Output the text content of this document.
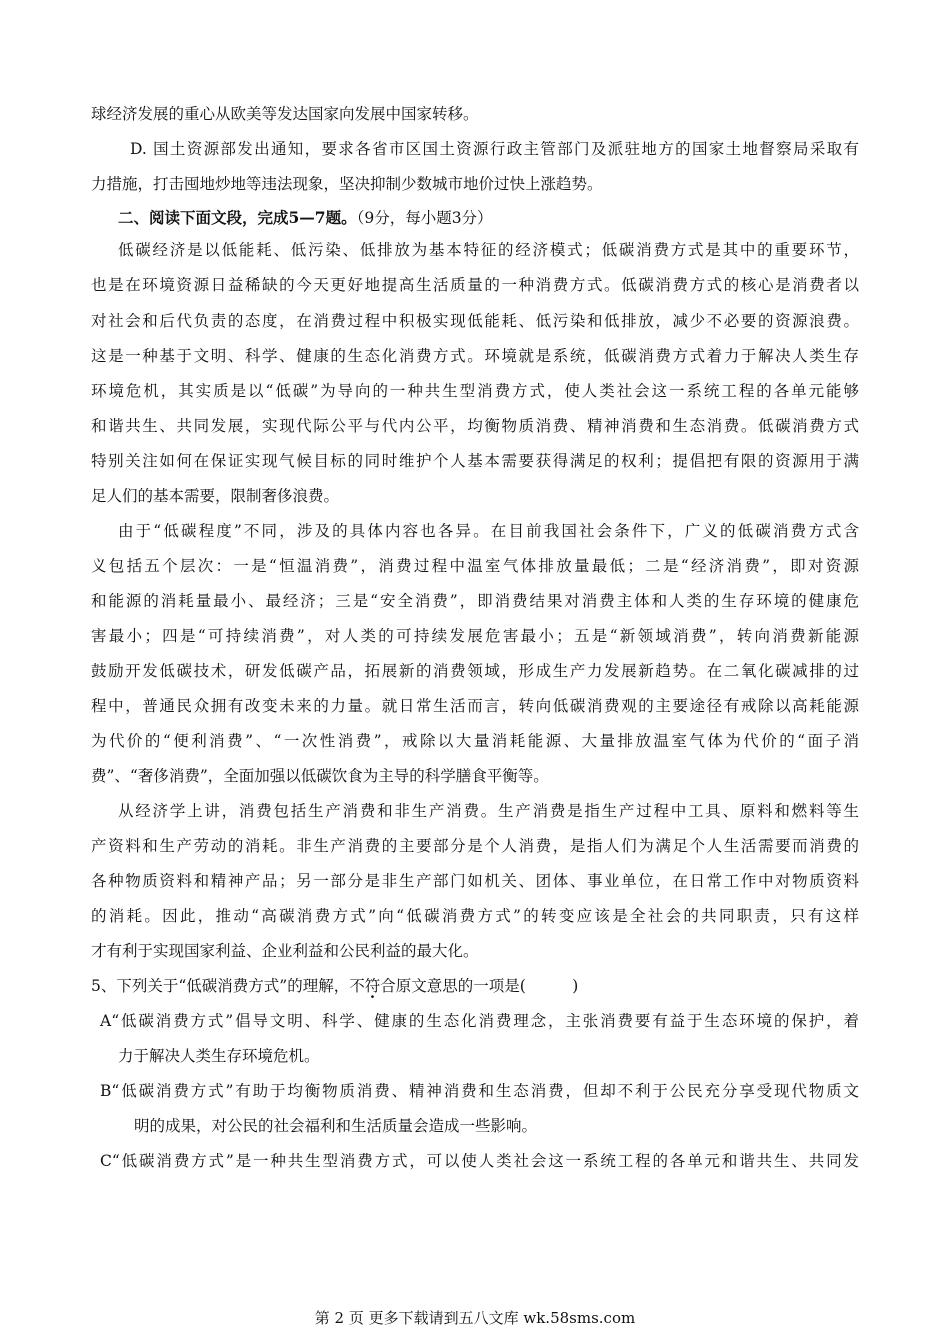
球经济发展的重心从欧美等发达国家向发展中国家转移。
D. 国土资源部发出通知，要求各省市区国土资源行政主管部门及派驻地方的国家土地督察局采取有
力措施，打击囤地炒地等违法现象，坚决抑制少数城市地价过快上涨趋势。
二、阅读下面文段，完成5—7题。（9分，每小题3分）
低碳经济是以低能耗、低污染、低排放为基本特征的经济模式；低碳消费方式是其中的重要环节，
也是在环境资源日益稀缺的今天更好地提高生活质量的一种消费方式。低碳消费方式的核心是消费者以
对社会和后代负责的态度，在消费过程中积极实现低能耗、低污染和低排放，减少不必要的资源浪费。
这是一种基于文明、科学、健康的生态化消费方式。环境就是系统，低碳消费方式着力于解决人类生存
环境危机，其实质是以“低碳”为导向的一种共生型消费方式，使人类社会这一系统工程的各单元能够
和谐共生、共同发展，实现代际公平与代内公平，均衡物质消费、精神消费和生态消费。低碳消费方式
特别关注如何在保证实现气候目标的同时维护个人基本需要获得满足的权利；提倡把有限的资源用于满
足人们的基本需要，限制奢侈浪费。
由于“低碳程度”不同，涉及的具体内容也各异。在目前我国社会条件下，广义的低碳消费方式含
义包括五个层次：一是“恒温消费”，消费过程中温室气体排放量最低；二是“经济消费”，即对资源
和能源的消耗量最小、最经济；三是“安全消费”，即消费结果对消费主体和人类的生存环境的健康危
害最小；四是“可持续消费”，对人类的可持续发展危害最小；五是“新领域消费”，转向消费新能源
鼓励开发低碳技术，研发低碳产品，拓展新的消费领域，形成生产力发展新趋势。在二氧化碳减排的过
程中，普通民众拥有改变未来的力量。就日常生活而言，转向低碳消费观的主要途径有戒除以高耗能源
为代价的“便利消费”、“一次性消费”，戒除以大量消耗能源、大量排放温室气体为代价的“面子消
费”、“奢侈消费”，全面加强以低碳饮食为主导的科学膳食平衡等。
从经济学上讲，消费包括生产消费和非生产消费。生产消费是指生产过程中工具、原料和燃料等生
产资料和生产劳动的消耗。非生产消费的主要部分是个人消费，是指人们为满足个人生活需要而消费的
各种物质资料和精神产品；另一部分是非生产部门如机关、团体、事业单位，在日常工作中对物质资料
的消耗。因此，推动“高碳消费方式”向“低碳消费方式”的转变应该是全社会的共同职责，只有这样
才有利于实现国家利益、企业利益和公民利益的最大化。
5、下列关于“低碳消费方式”的理解，不符合原文意思的一项是(　　　)
A“低碳消费方式”倡导文明、科学、健康的生态化消费理念，主张消费要有益于生态环境的保护，着
力于解决人类生存环境危机。
B“低碳消费方式”有助于均衡物质消费、精神消费和生态消费，但却不利于公民充分享受现代物质文
明的成果，对公民的社会福利和生活质量会造成一些影响。
C“低碳消费方式”是一种共生型消费方式，可以使人类社会这一系统工程的各单元和谐共生、共同发
第 2 页 更多下载请到五八文库 wk.58sms.com
